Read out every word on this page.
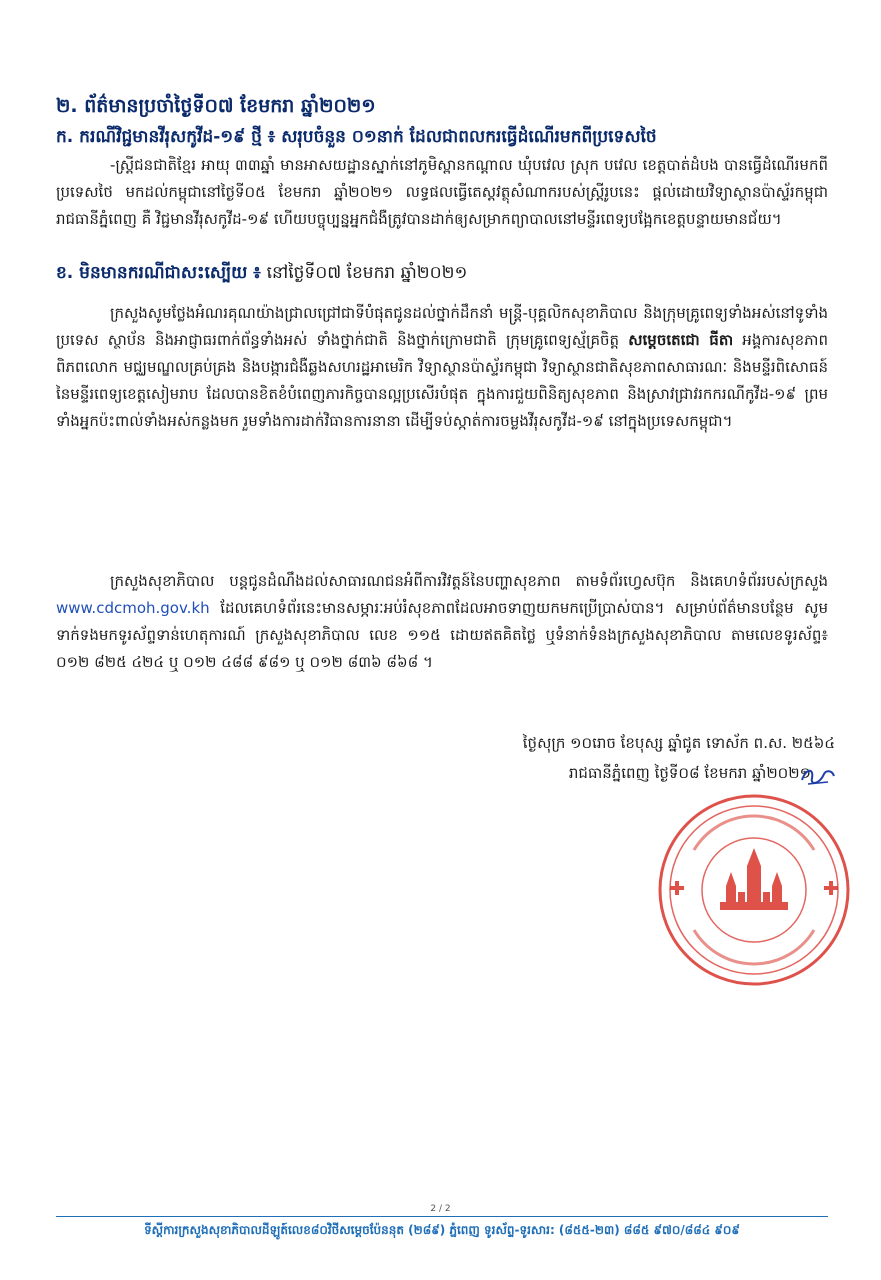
២. ព័ត៌មានប្រចាំថ្ងៃទី០៧ ខែមករា ឆ្នាំ២០២១
ក. ករណីវិជ្ជមានវីរុសកូវីដ-១៩ ថ្មី ៖ សរុបចំនួន ០១នាក់ ដែលជាពលករធ្វើដំណើរមកពីប្រទេសថៃ
-ស្ត្រីជនជាតិខ្មែរ អាយុ ៣៣ឆ្នាំ មានអាសយដ្ឋានស្នាក់នៅភូមិស្ពានកណ្តាល ឃុំបវេល ស្រុក បវេល ខេត្តបាត់ដំបង បានធ្វើដំណើរមកពីប្រទេសថៃ មកដល់កម្ពុជានៅថ្ងៃទី០៥ ខែមករា ឆ្នាំ២០២១ លទ្ធផលធ្វើតេស្តវត្ថុសំណាករបស់ស្ត្រីរូបនេះ ផ្តល់ដោយវិទ្យាស្ថានប៉ាស្ទ័រកម្ពុជា រាជធានីភ្នំពេញ គឺ វិជ្ជមានវីរុសកូវីដ-១៩ ហើយបច្ចុប្បន្នអ្នកជំងឺត្រូវបានដាក់ឲ្យសម្រាកព្យាបាលនៅមន្ទីរពេទ្យបង្អែកខេត្តបន្ទាយមានជ័យ។
ខ. មិនមានករណីជាសះស្បើយ ៖ នៅថ្ងៃទី០៧ ខែមករា ឆ្នាំ២០២១
ក្រសួងសូមថ្លែងអំណរគុណយ៉ាងជ្រាលជ្រៅជាទីបំផុតជូនដល់ថ្នាក់ដឹកនាំ មន្ត្រី-បុគ្គលិកសុខាភិបាល និងក្រុមគ្រូពេទ្យទាំងអស់នៅទូទាំងប្រទេស ស្ថាប័ន និងអាជ្ញាធរពាក់ព័ន្ធទាំងអស់ ទាំងថ្នាក់ជាតិ និងថ្នាក់ក្រោមជាតិ ក្រុមគ្រូពេទ្យស្ម័គ្រចិត្ត សម្តេចតេជោ ធីតា អង្គការសុខភាពពិភពលោក មជ្ឈមណ្ឌលគ្រប់គ្រង និងបង្ការជំងឺឆ្លងសហរដ្ឋអាមេរិក វិទ្យាស្ថានប៉ាស្ទ័រកម្ពុជា វិទ្យាស្ថានជាតិសុខភាពសាធារណៈ និងមន្ទីរពិសោធន៍នៃមន្ទីរពេទ្យខេត្តសៀមរាប ដែលបានខិតខំបំពេញភារកិច្ចបានល្អប្រសើរបំផុត ក្នុងការជួយពិនិត្យសុខភាព និងស្រាវជ្រាវរកករណីកូវីដ-១៩ ព្រមទាំងអ្នកប៉ះពាល់ទាំងអស់កន្លងមក រួមទាំងការដាក់វិធានការនានា ដើម្បីទប់ស្កាត់ការចម្លងវីរុសកូវីដ-១៩ នៅក្នុងប្រទេសកម្ពុជា។
ក្រសួងសុខាភិបាល បន្តជូនដំណឹងដល់សាធារណជនអំពីការវិវត្តន៍នៃបញ្ហាសុខភាព តាមទំព័រហ្វេសប៊ុក និងគេហទំព័ររបស់ក្រសួង www.cdcmoh.gov.kh ដែលគេហទំព័រនេះមានសម្ភារៈអប់រំសុខភាពដែលអាចទាញយកមកប្រើប្រាស់បាន។ សម្រាប់ព័ត៌មានបន្ថែម សូមទាក់ទងមកទូរស័ព្ទទាន់ហេតុការណ៍ ក្រសួងសុខាភិបាល លេខ ១១៥ ដោយឥតគិតថ្លៃ ឬទំនាក់ទំនងក្រសួងសុខាភិបាល តាមលេខទូរស័ព្ទ៖ ០១២ ៨២៥ ៤២៤ ឬ ០១២ ៤៨៨ ៩៨១ ឬ ០១២ ៨៣៦ ៨៦៨ ។
ថ្ងៃសុក្រ ១០រោច ខែបុស្ស ឆ្នាំជូត ទោស័ក ព.ស. ២៥៦៤
រាជធានីភ្នំពេញ ថ្ងៃទី០៨ ខែមករា ឆ្នាំ២០២១
2 / 2
ទីស្តីការក្រសួងសុខាភិបាលដីឡូត៍លេខ៨០វិថីសម្តេចប៉ែននុត (២៨៩) ភ្នំពេញ ទូរស័ព្ទ-ទូរសារ: (៨៥៥-២៣) ៨៨៥ ៩៧០/៨៨៤ ៩០៩
